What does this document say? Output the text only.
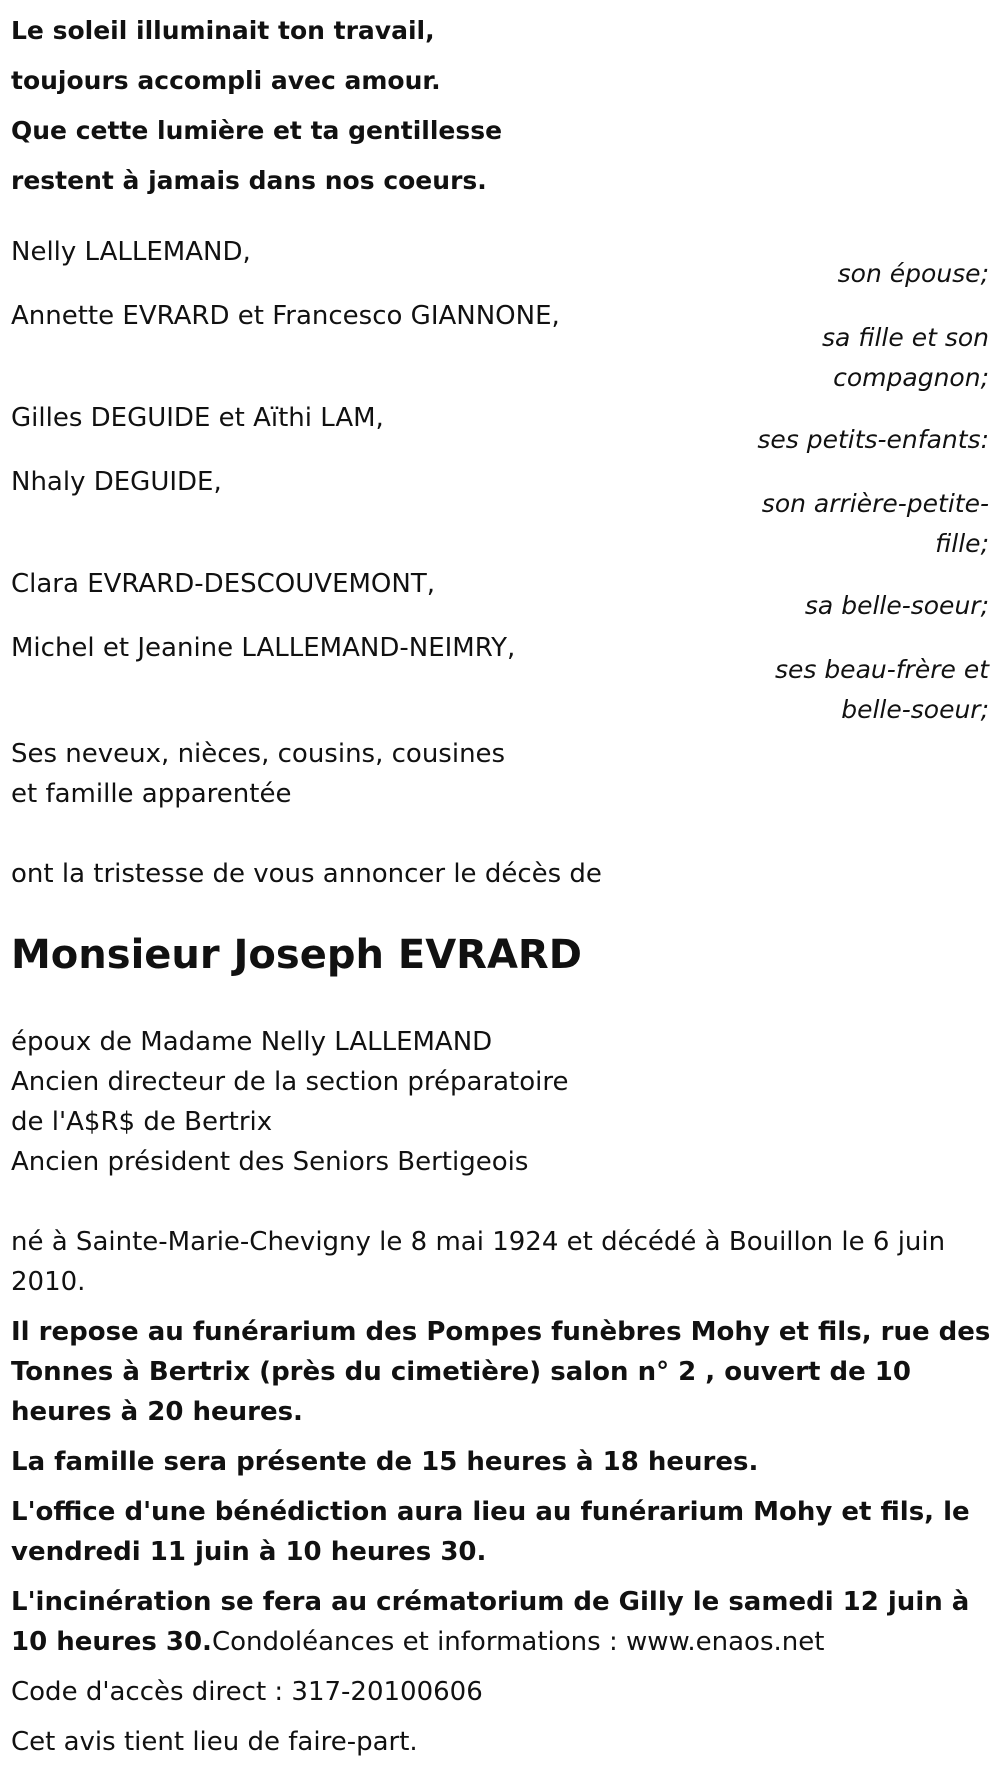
Le soleil illuminait ton travail,

toujours accompli avec amour.

Que cette lumière et ta gentillesse

restent à jamais dans nos coeurs.

Nelly LALLEMAND,
son épouse;
Annette EVRARD et Francesco GIANNONE,
sa fille et son compagnon;
Gilles DEGUIDE et Aïthi LAM,
ses petits-enfants:
Nhaly DEGUIDE,
son arrière-petite-fille;
Clara EVRARD-DESCOUVEMONT,
sa belle-soeur;
Michel et Jeanine LALLEMAND-NEIMRY,
ses beau-frère et belle-soeur;
Ses neveux, nièces, cousins, cousines
et famille apparentée
ont la tristesse de vous annoncer le décès de
Monsieur Joseph EVRARD
époux de Madame Nelly LALLEMAND
Ancien directeur de la section préparatoire
de l'A$R$ de Bertrix
Ancien président des Seniors Bertigeois

né à Sainte-Marie-Chevigny le 8 mai 1924 et décédé à Bouillon le 6 juin 2010.

Il repose au funérarium des Pompes funèbres Mohy et fils, rue des Tonnes à Bertrix (près du cimetière) salon n° 2 , ouvert de 10 heures à 20 heures.

La famille sera présente de 15 heures à 18 heures.

L'office d'une bénédiction aura lieu au funérarium Mohy et fils, le vendredi 11 juin à 10 heures 30.

L'incinération se fera au crématorium de Gilly le samedi 12 juin à 10 heures 30.Condoléances et informations : www.enaos.net

Code d'accès direct : 317-20100606

Cet avis tient lieu de faire-part.
